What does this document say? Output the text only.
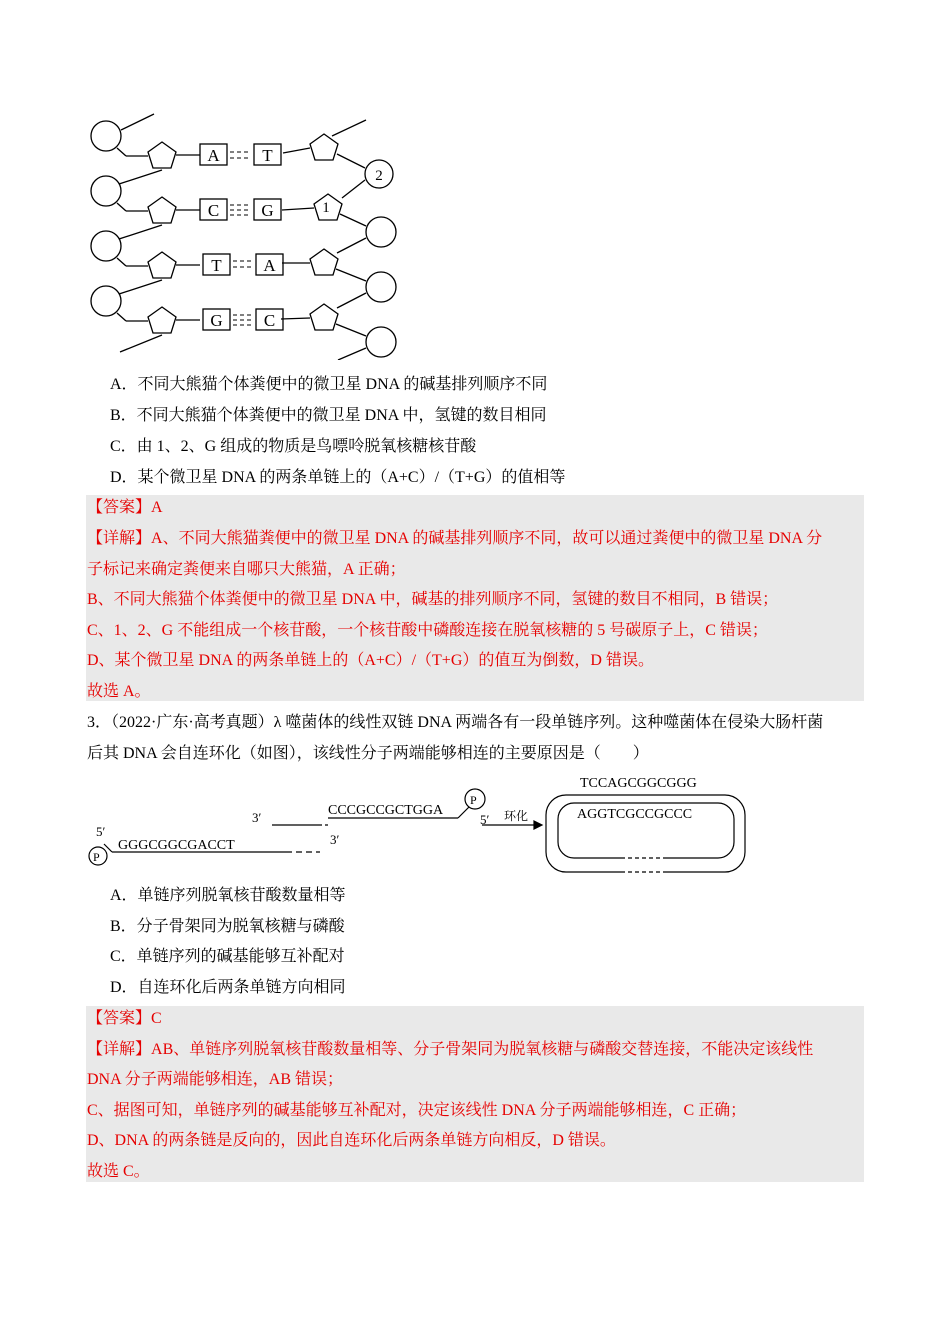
A	T
C G
T A
G C
1
2
A．不同大熊猫个体粪便中的微卫星 DNA 的碱基排列顺序不同
B．不同大熊猫个体粪便中的微卫星 DNA 中，氢键的数目相同
C．由 1、2、G 组成的物质是鸟嘌呤脱氧核糖核苷酸
D．某个微卫星 DNA 的两条单链上的（A+C）/（T+G）的值相等
【答案】A
【详解】A、不同大熊猫粪便中的微卫星 DNA 的碱基排列顺序不同，故可以通过粪便中的微卫星 DNA 分
子标记来确定粪便来自哪只大熊猫，A 正确；
B、不同大熊猫个体粪便中的微卫星 DNA 中，碱基的排列顺序不同，氢键的数目不相同，B 错误；
C、1、2、G 不能组成一个核苷酸，一个核苷酸中磷酸连接在脱氧核糖的 5 号碳原子上，C 错误；
D、某个微卫星 DNA 的两条单链上的（A+C）/（T+G）的值互为倒数，D 错误。
故选 A。
3．（2022·广东·高考真题）λ 噬菌体的线性双链 DNA 两端各有一段单链序列。这种噬菌体在侵染大肠杆菌
后其 DNA 会自连环化（如图），该线性分子两端能够相连的主要原因是（　　）
CCCGCCGCTGGA
GGGCGGCGACCT
3′
3′
5′
5′
P
P
环化
TCCAGCGGCGGG
AGGTCGCCGCCC
A．单链序列脱氧核苷酸数量相等
B．分子骨架同为脱氧核糖与磷酸
C．单链序列的碱基能够互补配对
D．自连环化后两条单链方向相同
【答案】C
【详解】AB、单链序列脱氧核苷酸数量相等、分子骨架同为脱氧核糖与磷酸交替连接，不能决定该线性
DNA 分子两端能够相连，AB 错误；
C、据图可知，单链序列的碱基能够互补配对，决定该线性 DNA 分子两端能够相连，C 正确；
D、DNA 的两条链是反向的，因此自连环化后两条单链方向相反，D 错误。
故选 C。
